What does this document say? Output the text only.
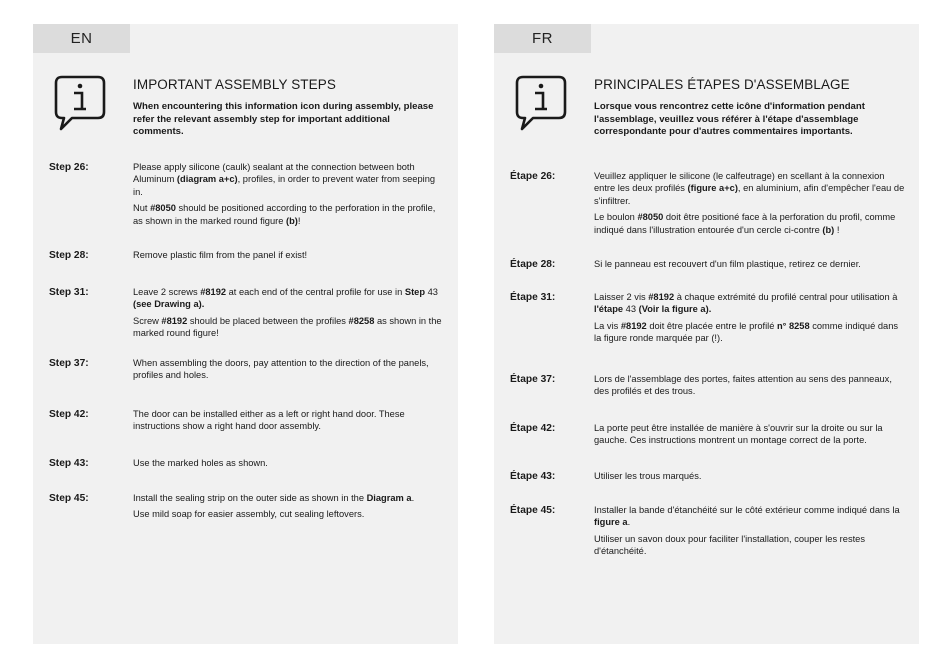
EN
IMPORTANT ASSEMBLY STEPS

When encountering this information icon during assembly, please refer the relevant assembly step for important additional comments.

Step 26:	Please apply silicone (caulk) sealant at the connection between both Aluminum (diagram a+c), profiles, in order to prevent water from seeping in.

Nut #8050 should be positioned according to the perforation in the profile, as shown in the marked round figure (b)!

Step 28:	Remove plastic film from the panel if exist!

Step 31:	Leave 2 screws #8192 at each end of the central profile for use in Step 43 (see Drawing a).

Screw #8192 should be placed between the profiles #8258 as shown in the marked round figure!

Step 37:	When assembling the doors, pay attention to the direction of the panels, profiles and holes.

Step 42:	The door can be installed either as a left or right hand door. These instructions show a right hand door assembly.

Step 43:	Use the marked holes as shown.

Step 45:	Install the sealing strip on the outer side as shown in the Diagram a.

Use mild soap for easier assembly, cut sealing leftovers.

FR
PRINCIPALES ÉTAPES D'ASSEMBLAGE

Lorsque vous rencontrez cette icône d'information pendant l'assemblage, veuillez vous référer à l'étape d'assemblage correspondante pour d'autres commentaires importants.

Étape 26:	Veuillez appliquer le silicone (le calfeutrage) en scellant à la connexion entre les deux profilés (figure a+c), en aluminium, afin d'empêcher l'eau de s'infiltrer.

Le boulon #8050 doit être positioné face à la perforation du profil, comme indiqué dans l'illustration entourée d'un cercle ci-contre (b) !

Étape 28:	Si le panneau est recouvert d'un film plastique, retirez ce dernier.

Étape 31:	Laisser 2 vis #8192 à chaque extrémité du profilé central pour utilisation à l'étape 43 (Voir la figure a).

La vis #8192 doit être placée entre le profilé n° 8258 comme indiqué dans la figure ronde marquée par (!).

Étape 37:	Lors de l'assemblage des portes, faites attention au sens des panneaux, des profilés et des trous.

Étape 42:	La porte peut être installée de manière à s'ouvrir sur la droite ou sur la gauche. Ces instructions montrent un montage correct de la porte.

Étape 43:	Utiliser les trous marqués.

Étape 45:	Installer la bande d'étanchéité sur le côté extérieur comme indiqué dans la figure a.

Utiliser un savon doux pour faciliter l'installation, couper les restes d'étanchéité.
